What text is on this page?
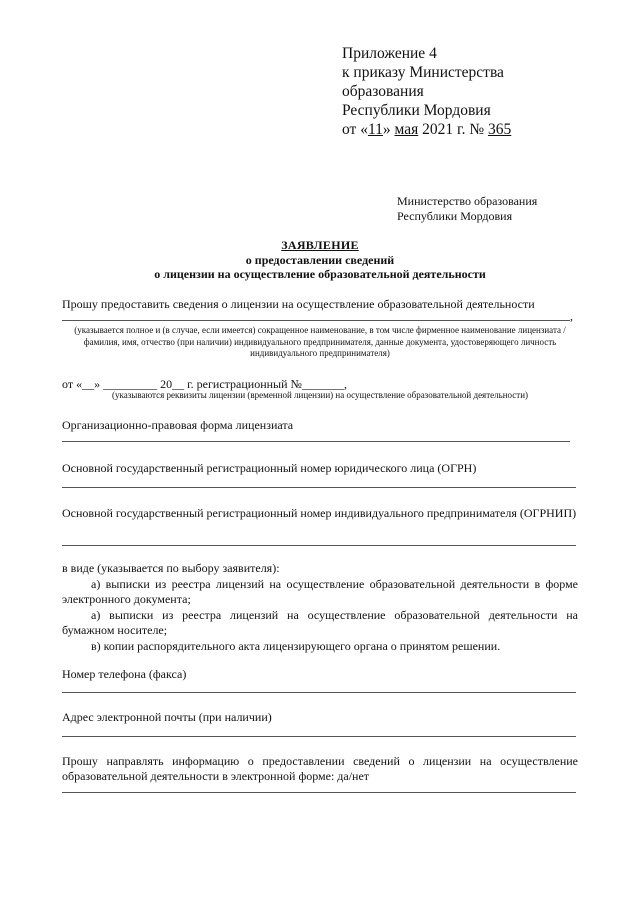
Приложение 4
к приказу Министерства
образования
Республики Мордовия
от «11» мая 2021 г. № 365
Министерство образования
Республики Мордовия
ЗАЯВЛЕНИЕ
о предоставлении сведений
о лицензии на осуществление образовательной деятельности
Прошу предоставить сведения о лицензии на осуществление образовательной деятельности
,
(указывается полное и (в случае, если имеется) сокращенное наименование, в том числе фирменное наименование лицензиата / фамилия, имя, отчество (при наличии) индивидуального предпринимателя, данные документа, удостоверяющего личность индивидуального предпринимателя)
от «__» _________ 20__ г. регистрационный №_______,
(указываются реквизиты лицензии (временной лицензии) на осуществление образовательной деятельности)
Организационно-правовая форма лицензиата
Основной государственный регистрационный номер юридического лица (ОГРН)
Основной государственный регистрационный номер индивидуального предпринимателя (ОГРНИП)
в виде (указывается по выбору заявителя):
а) выписки из реестра лицензий на осуществление образовательной деятельности в форме электронного документа;
а) выписки из реестра лицензий на осуществление образовательной деятельности на бумажном носителе;
в) копии распорядительного акта лицензирующего органа о принятом решении.
Номер телефона (факса)
Адрес электронной почты (при наличии)
Прошу направлять информацию о предоставлении сведений о лицензии на осуществление образовательной деятельности в электронной форме: да/нет
